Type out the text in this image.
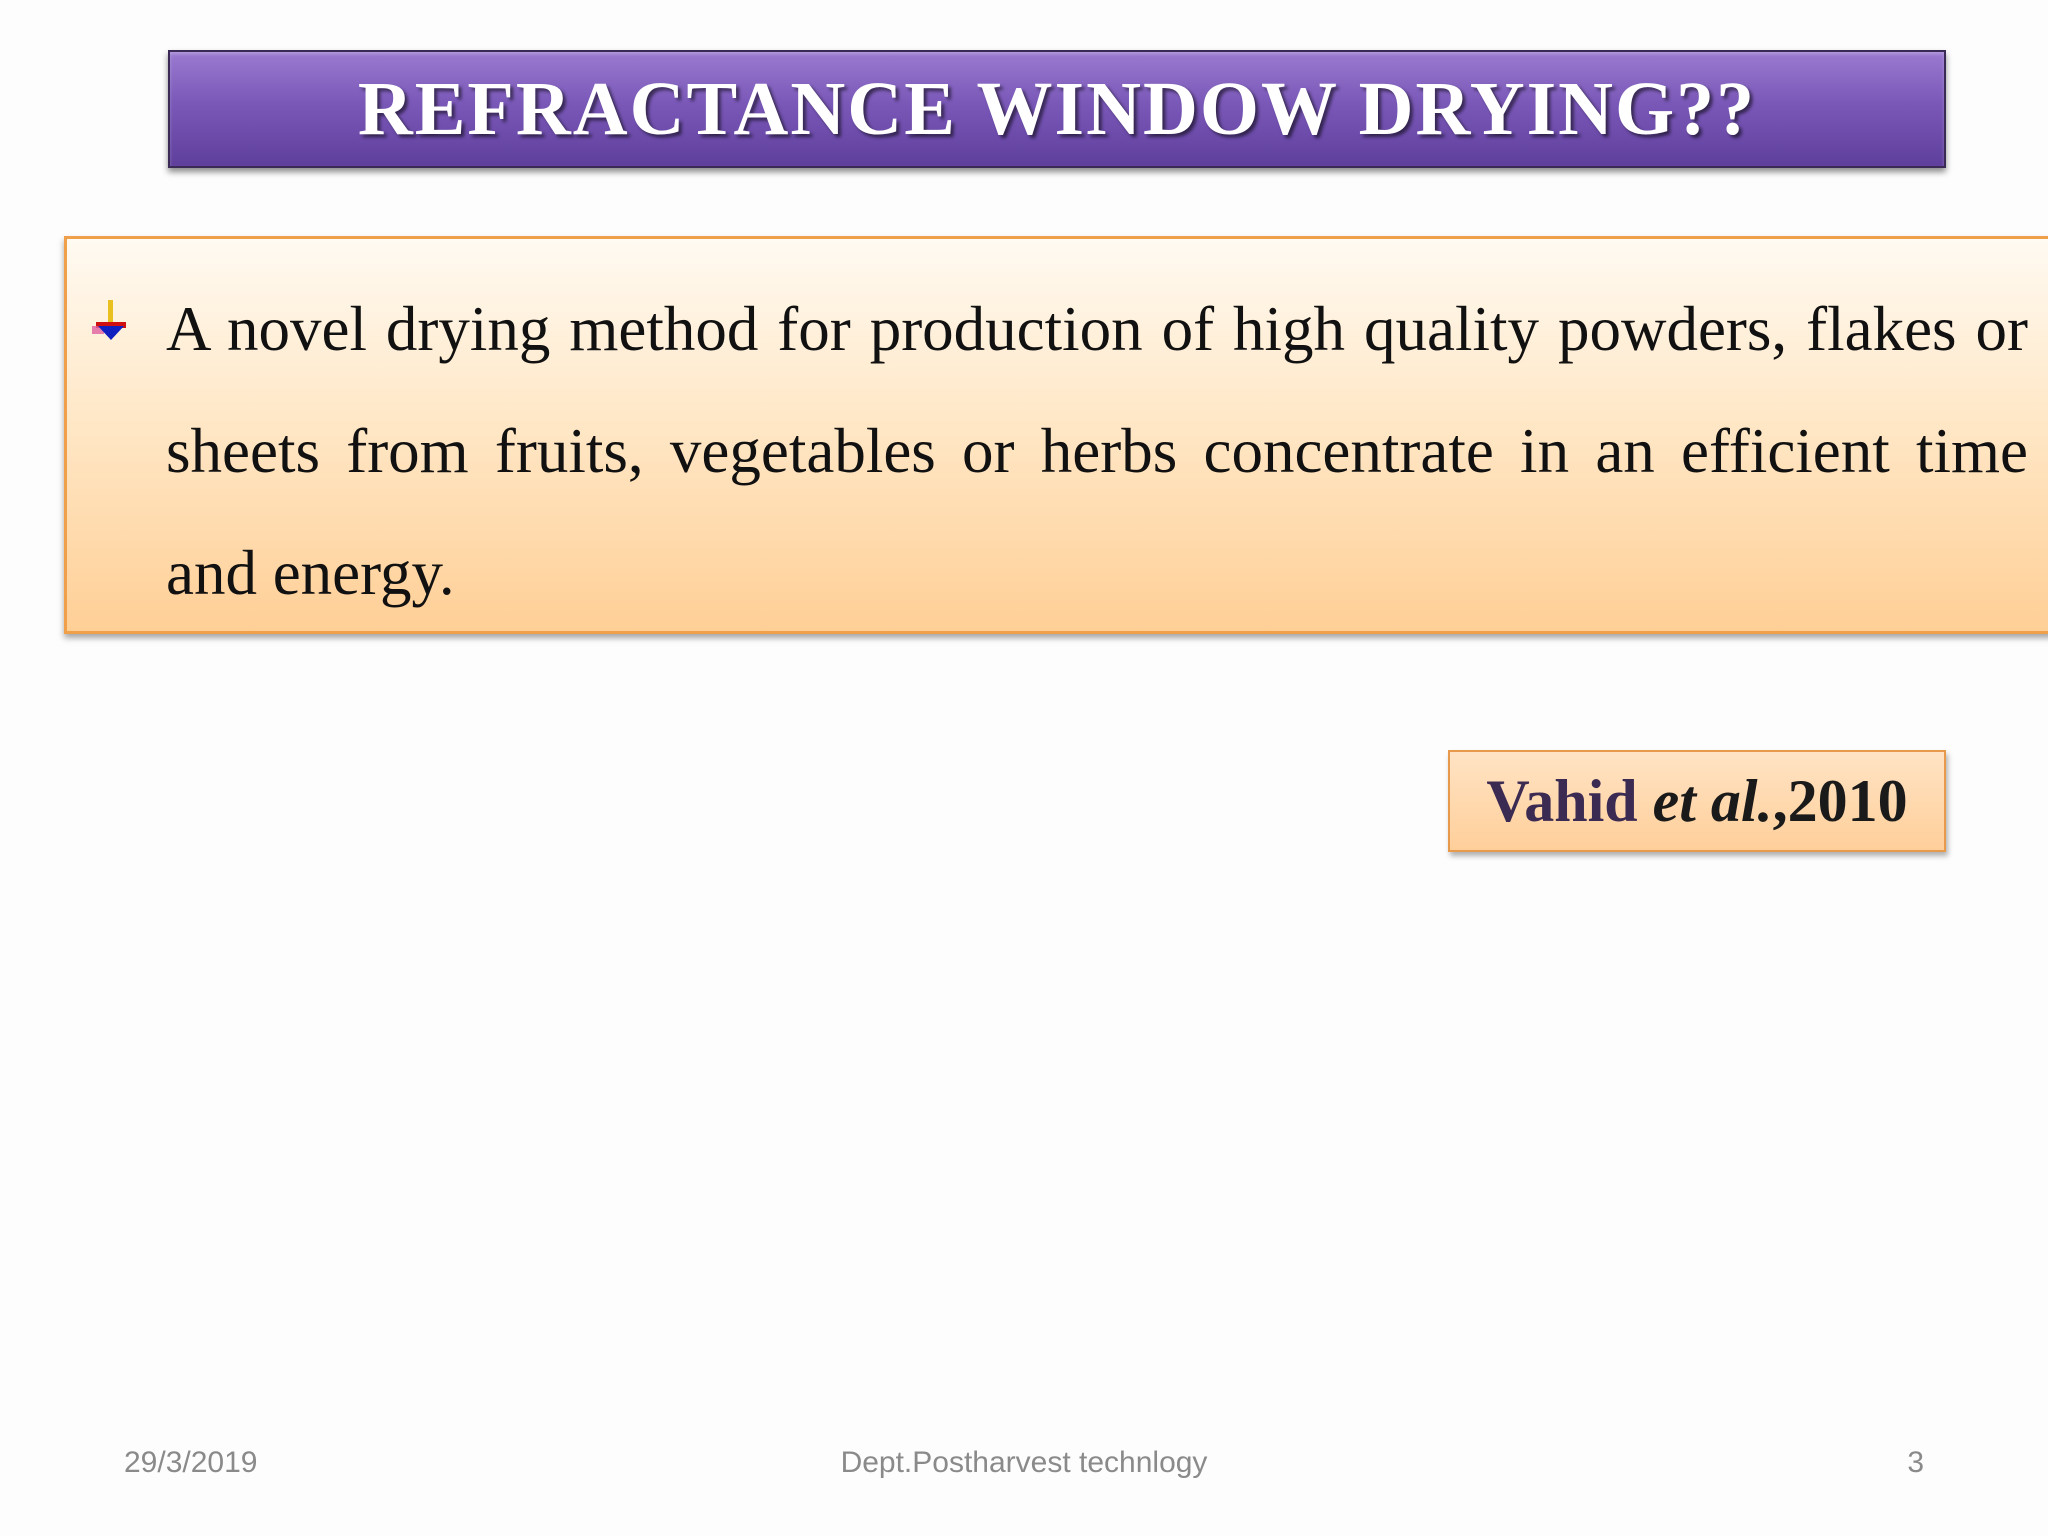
REFRACTANCE WINDOW DRYING??

A novel drying method for production of high quality powders, flakes or sheets from fruits, vegetables or herbs concentrate in an efficient time and energy.

Vahid et al.,2010
29/3/2019	Dept.Postharvest technlogy	3
